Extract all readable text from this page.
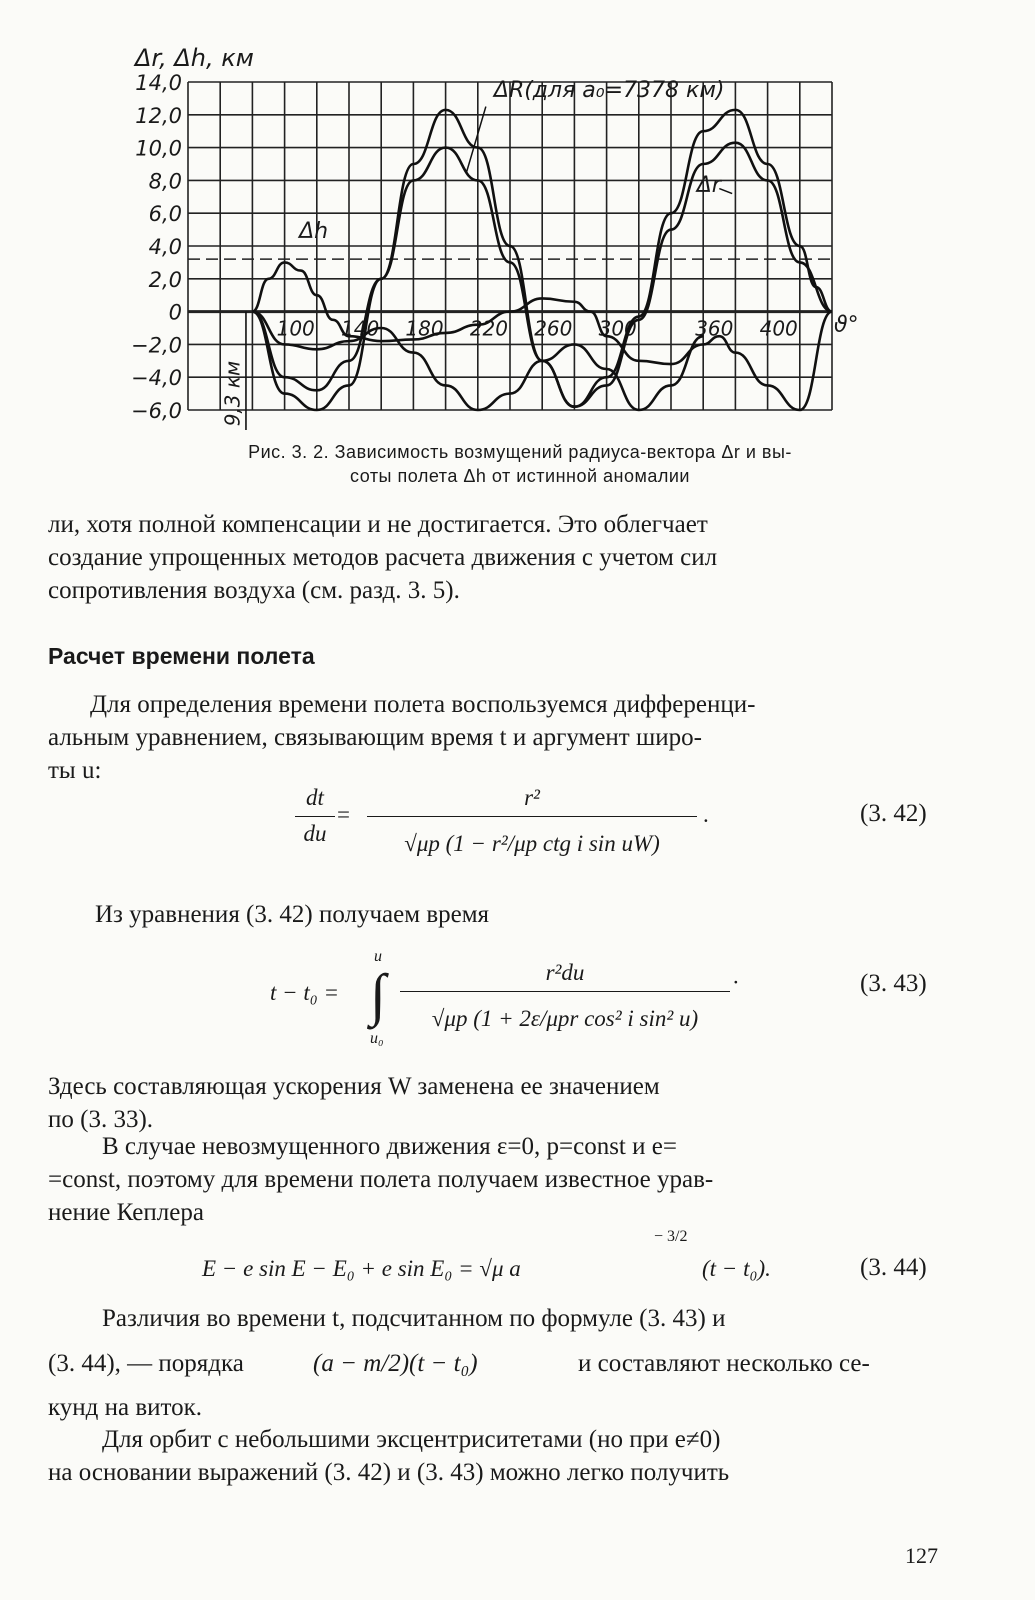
14,0
12,0
10,0
8,0
6,0
4,0
2,0
0
−2,0
−4,0
−6,0
Δr, Δh, км
100 140 180 220 260 300	360 400 ϑ°
ΔR(для a₀=7378 км)
Δr
Δh
9,3 км
Рис. 3. 2. Зависимость возмущений радиуса-вектора Δr и вы-
соты полета Δh от истинной аномалии
ли, хотя полной компенсации и не достигается. Это облегчает
создание упрощенных методов расчета движения с учетом сил
сопротивления воздуха (см. разд. 3. 5).
Расчет времени полета
Для определения времени полета воспользуемся дифференци-
альным уравнением, связывающим время t и аргумент широ-
ты u:
dt
du
=
r²
√μp (1 − r²/μp ctg i sin uW)
.	(3. 42)
Из уравнения (3. 42) получаем время
t − t₀ =
u
∫
u₀
r²du
√μp (1 + 2ε/μpr cos² i sin² u)
·	(3. 43)
Здесь составляющая ускорения W заменена ее значением
по (3. 33).
В случае невозмущенного движения ε=0, p=const и e=
=const, поэтому для времени полета получаем известное урав-
нение Кеплера
E − e sin E − E₀ + e sin E₀ = √μ a
− 3/2
(t − t₀).	(3. 44)
Различия во времени t, подсчитанном по формуле (3. 43) и
(3. 44), — порядка	(a − m/2)(t − t₀)	и составляют несколько се-
кунд на виток.
Для орбит с небольшими эксцентриситетами (но при e≠0)
на основании выражений (3. 42) и (3. 43) можно легко получить
127
